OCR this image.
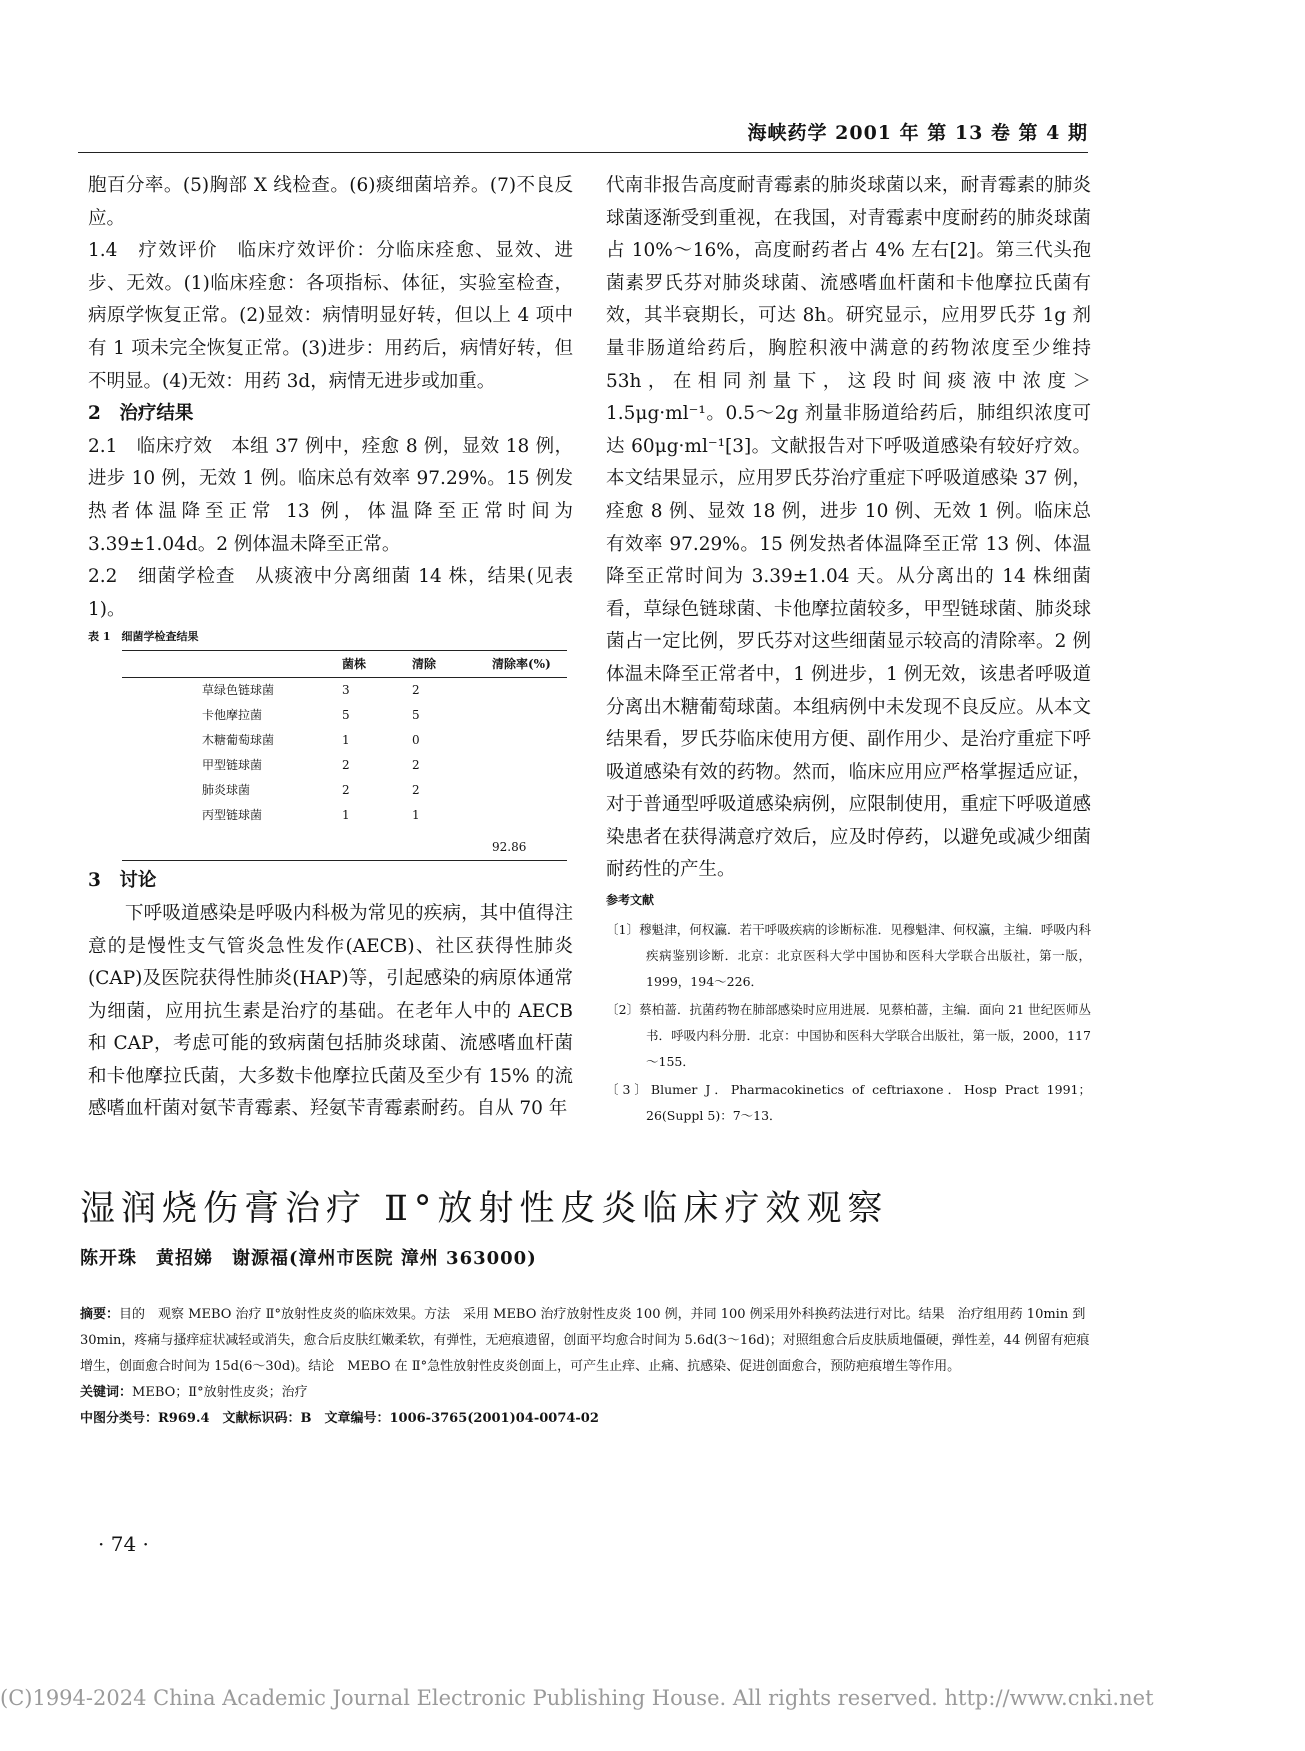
海峡药学 2001 年 第 13 卷 第 4 期

胞百分率。(5)胸部 X 线检查。(6)痰细菌培养。(7)不良反应。

1.4　疗效评价　临床疗效评价：分临床痊愈、显效、进步、无效。(1)临床痊愈：各项指标、体征，实验室检查，病原学恢复正常。(2)显效：病情明显好转，但以上 4 项中有 1 项未完全恢复正常。(3)进步：用药后，病情好转，但不明显。(4)无效：用药 3d，病情无进步或加重。

2　治疗结果

2.1　临床疗效　本组 37 例中，痊愈 8 例，显效 18 例，进步 10 例，无效 1 例。临床总有效率 97.29%。15 例发热者体温降至正常 13 例，体温降至正常时间为 3.39±1.04d。2 例体温未降至正常。

2.2　细菌学检查　从痰液中分离细菌 14 株，结果(见表 1)。

表 1　细菌学检查结果
	菌株	清除	清除率(%)
草绿色链球菌	3	2	
卡他摩拉菌	5	5	
木糖葡萄球菌	1	0	
甲型链球菌	2	2	
肺炎球菌	2	2	
丙型链球菌	1	1	
			92.86

3　讨论

下呼吸道感染是呼吸内科极为常见的疾病，其中值得注意的是慢性支气管炎急性发作(AECB)、社区获得性肺炎(CAP)及医院获得性肺炎(HAP)等，引起感染的病原体通常为细菌，应用抗生素是治疗的基础。在老年人中的 AECB 和 CAP，考虑可能的致病菌包括肺炎球菌、流感嗜血杆菌和卡他摩拉氏菌，大多数卡他摩拉氏菌及至少有 15% 的流感嗜血杆菌对氨苄青霉素、羟氨苄青霉素耐药。自从 70 年

代南非报告高度耐青霉素的肺炎球菌以来，耐青霉素的肺炎球菌逐渐受到重视，在我国，对青霉素中度耐药的肺炎球菌占 10%～16%，高度耐药者占 4% 左右[2]。第三代头孢菌素罗氏芬对肺炎球菌、流感嗜血杆菌和卡他摩拉氏菌有效，其半衰期长，可达 8h。研究显示，应用罗氏芬 1g 剂量非肠道给药后，胸腔积液中满意的药物浓度至少维持 53h，在相同剂量下，这段时间痰液中浓度＞1.5μg·ml⁻¹。0.5～2g 剂量非肠道给药后，肺组织浓度可达 60μg·ml⁻¹[3]。文献报告对下呼吸道感染有较好疗效。本文结果显示，应用罗氏芬治疗重症下呼吸道感染 37 例，痊愈 8 例、显效 18 例，进步 10 例、无效 1 例。临床总有效率 97.29%。15 例发热者体温降至正常 13 例、体温降至正常时间为 3.39±1.04 天。从分离出的 14 株细菌看，草绿色链球菌、卡他摩拉菌较多，甲型链球菌、肺炎球菌占一定比例，罗氏芬对这些细菌显示较高的清除率。2 例体温未降至正常者中，1 例进步，1 例无效，该患者呼吸道分离出木糖葡萄球菌。本组病例中未发现不良反应。从本文结果看，罗氏芬临床使用方便、副作用少、是治疗重症下呼吸道感染有效的药物。然而，临床应用应严格掌握适应证，对于普通型呼吸道感染病例，应限制使用，重症下呼吸道感染患者在获得满意疗效后，应及时停药，以避免或减少细菌耐药性的产生。

参考文献

〔1〕穆魁津，何权瀛．若干呼吸疾病的诊断标准．见穆魁津、何权瀛，主编．呼吸内科疾病鉴别诊断．北京：北京医科大学中国协和医科大学联合出版社，第一版，1999，194～226．

〔2〕蔡柏蔷．抗菌药物在肺部感染时应用进展．见蔡柏蔷，主编．面向 21 世纪医师丛书．呼吸内科分册．北京：中国协和医科大学联合出版社，第一版，2000，117～155．

〔3〕Blumer J．Pharmacokinetics of ceftriaxone．Hosp Pract 1991；26(Suppl 5)：7～13．

湿润烧伤膏治疗 Ⅱ°放射性皮炎临床疗效观察
陈开珠　黄招娣　谢源福(漳州市医院 漳州 363000)

摘要：目的　观察 MEBO 治疗 Ⅱ°放射性皮炎的临床效果。方法　采用 MEBO 治疗放射性皮炎 100 例，并同 100 例采用外科换药法进行对比。结果　治疗组用药 10min 到 30min，疼痛与搔痒症状减轻或消失，愈合后皮肤红嫩柔软，有弹性，无疤痕遗留，创面平均愈合时间为 5.6d(3～16d)；对照组愈合后皮肤质地僵硬，弹性差，44 例留有疤痕增生，创面愈合时间为 15d(6～30d)。结论　MEBO 在 Ⅱ°急性放射性皮炎创面上，可产生止痒、止痛、抗感染、促进创面愈合，预防疤痕增生等作用。

关键词：MEBO；Ⅱ°放射性皮炎；治疗

中图分类号：R969.4　文献标识码：B　文章编号：1006-3765(2001)04-0074-02

· 74 ·
(C)1994-2024 China Academic Journal Electronic Publishing House. All rights reserved. http://www.cnki.net
